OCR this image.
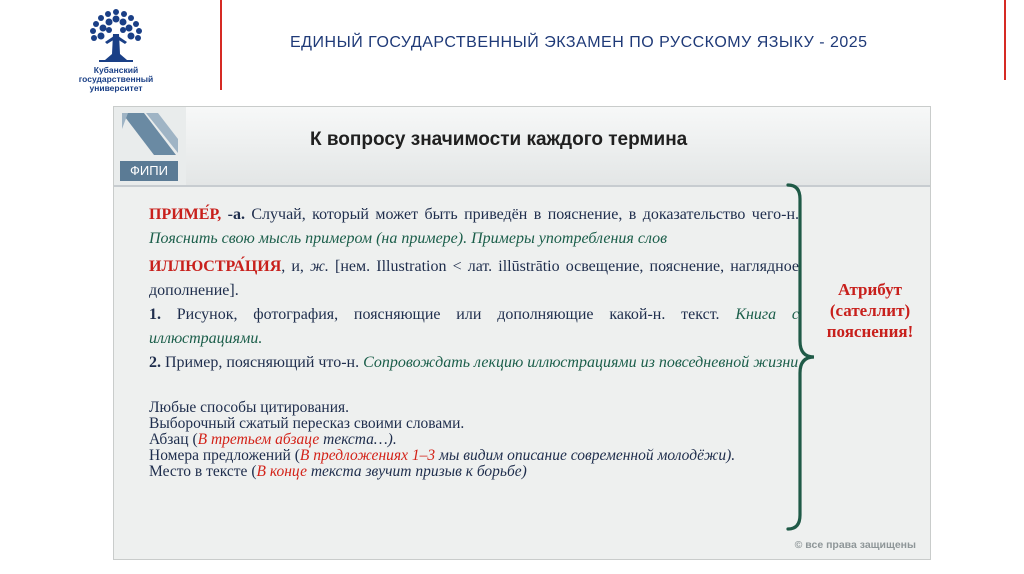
Кубанский
государственный
университет
ЕДИНЫЙ ГОСУДАРСТВЕННЫЙ ЭКЗАМЕН ПО РУССКОМУ ЯЗЫКУ - 2025
ФИПИ
К вопросу значимости каждого термина

ПРИМЕ́Р, -а. Случай, который может быть приведён в пояснение, в доказательство чего-н. Пояснить свою мысль примером (на примере). Примеры употребления слов

ИЛЛЮСТРА́ЦИЯ, и, ж. [нем. Illustration < лат. illūstrātio освещение, пояснение, наглядное дополнение].
1. Рисунок, фотография, поясняющие или дополняющие какой-н. текст. Книга с иллюстрациями.
2. Пример, поясняющий что-н. Сопровождать лекцию иллюстрациями из повседневной жизни

Любые способы цитирования.
Выборочный сжатый пересказ своими словами.
Абзац (В третьем абзаце текста…).
Номера предложений (В предложениях 1–3 мы видим описание современной молодёжи).
Место в тексте (В конце текста звучит призыв к борьбе)
Атрибут
(сателлит)
пояснения!
© все права защищены
